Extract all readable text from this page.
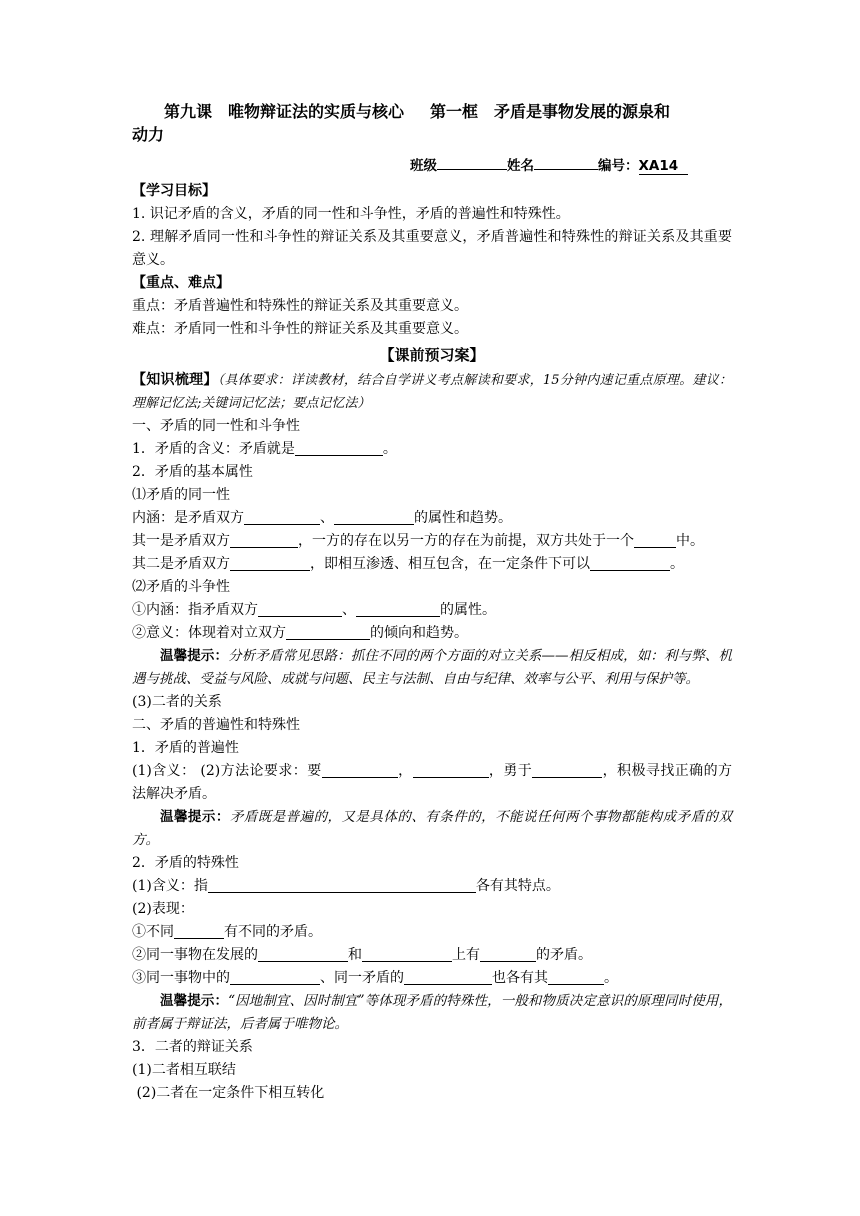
第九课　唯物辩证法的实质与核心 第一框　矛盾是事物发展的源泉和

动力

班级	姓名	编号：XA14

【学习目标】

1. 识记矛盾的含义，矛盾的同一性和斗争性，矛盾的普遍性和特殊性。

2. 理解矛盾同一性和斗争性的辩证关系及其重要意义，矛盾普遍性和特殊性的辩证关系及其重要意义。

【重点、难点】

重点：矛盾普遍性和特殊性的辩证关系及其重要意义。

难点：矛盾同一性和斗争性的辩证关系及其重要意义。

【课前预习案】

【知识梳理】（具体要求：详读教材，结合自学讲义考点解读和要求，15分钟内速记重点原理。建议：理解记忆法;关键词记忆法；要点记忆法）

一、矛盾的同一性和斗争性

1．矛盾的含义：矛盾就是	。

2．矛盾的基本属性

⑴矛盾的同一性

内涵：是矛盾双方	、	的属性和趋势。

其一是矛盾双方	，一方的存在以另一方的存在为前提，双方共处于一个	中。

其二是矛盾双方	，即相互渗透、相互包含，在一定条件下可以	。

⑵矛盾的斗争性

①内涵：指矛盾双方	、	的属性。

②意义：体现着对立双方	的倾向和趋势。

温馨提示：分析矛盾常见思路：抓住不同的两个方面的对立关系——相反相成，如：利与弊、机遇与挑战、受益与风险、成就与问题、民主与法制、自由与纪律、效率与公平、利用与保护等。

(3)二者的关系

二、矛盾的普遍性和特殊性

1．矛盾的普遍性

(1)含义： (2)方法论要求：要	，	，勇于	，积极寻找正确的方法解决矛盾。

温馨提示：矛盾既是普遍的，又是具体的、有条件的，不能说任何两个事物都能构成矛盾的双方。

2．矛盾的特殊性

(1)含义：指	各有其特点。

(2)表现：

①不同	有不同的矛盾。

②同一事物在发展的	和	上有	的矛盾。

③同一事物中的	、同一矛盾的	也各有其	。

温馨提示：“因地制宜、因时制宜”等体现矛盾的特殊性，一般和物质决定意识的原理同时使用，前者属于辩证法，后者属于唯物论。

3．二者的辩证关系

(1)二者相互联结

(2)二者在一定条件下相互转化
